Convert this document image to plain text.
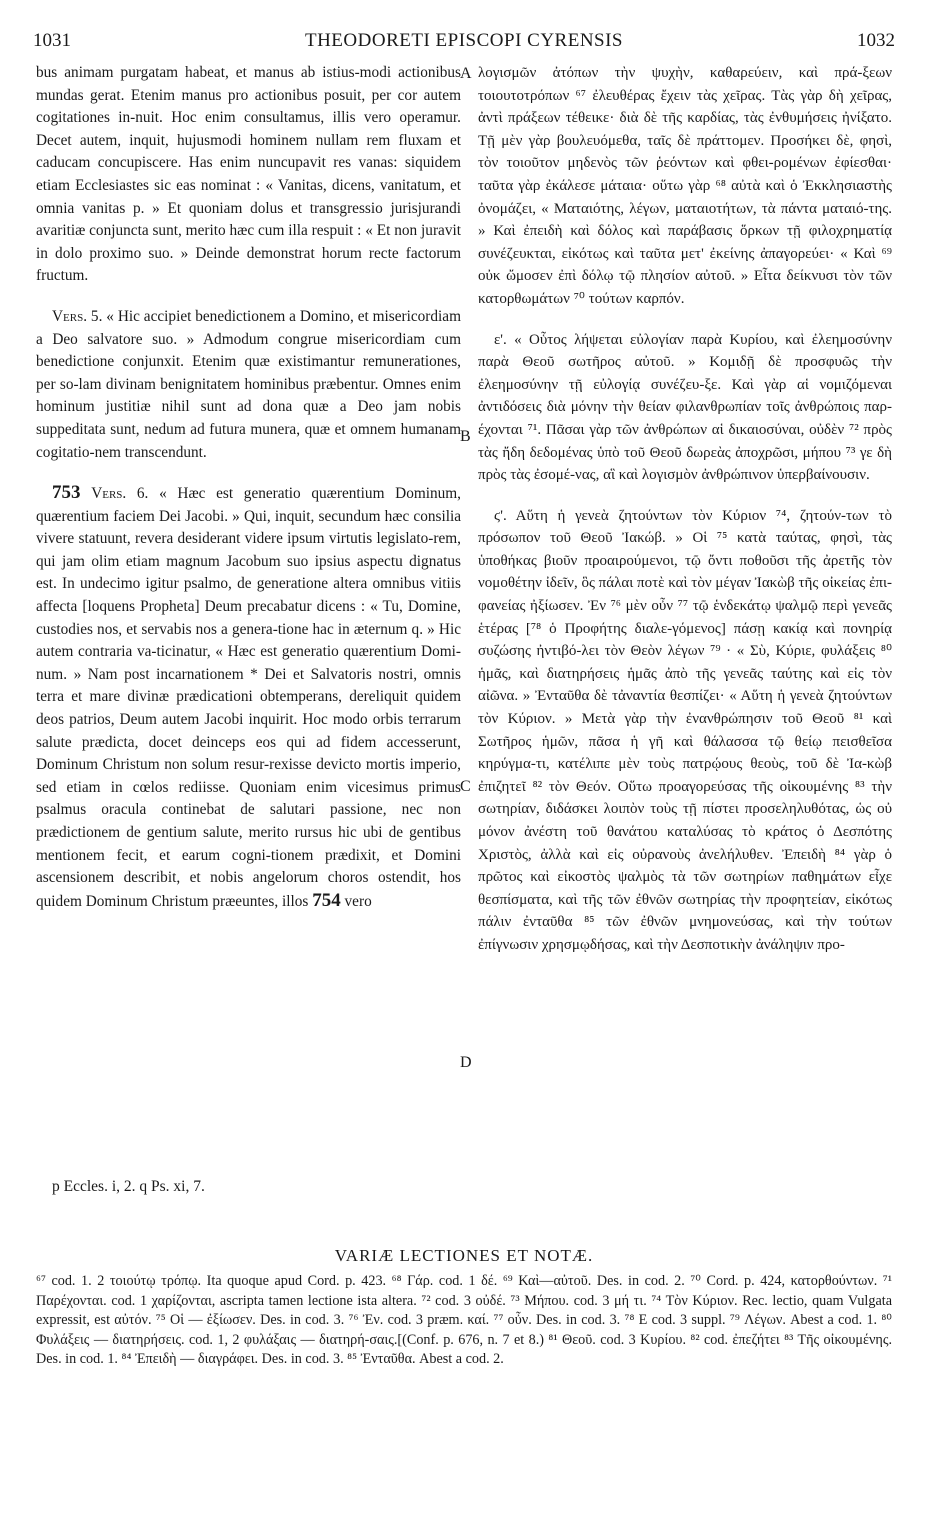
1031	THEODORETI EPISCOPI CYRENSIS	1032

bus animam purgatam habeat, et manus ab istius-modi actionibus mundas gerat. Etenim manus pro actionibus posuit, per cor autem cogitationes in-nuit. Hoc enim consultamus, illis vero operamur. Decet autem, inquit, hujusmodi hominem nullam rem fluxam et caducam concupiscere. Has enim nuncupavit res vanas: siquidem etiam Ecclesiastes sic eas nominat : « Vanitas, dicens, vanitatum, et omnia vanitas p. » Et quoniam dolus et transgressio jurisjurandi avaritiæ conjuncta sunt, merito hæc cum illa respuit : « Et non juravit in dolo proximo suo. » Deinde demonstrat horum recte factorum fructum.

Vers. 5. « Hic accipiet benedictionem a Domino, et misericordiam a Deo salvatore suo. » Admodum congrue misericordiam cum benedictione conjunxit. Etenim quæ existimantur remunerationes, per so-lam divinam benignitatem hominibus præbentur. Omnes enim hominum justitiæ nihil sunt ad dona quæ a Deo jam nobis suppeditata sunt, nedum ad futura munera, quæ et omnem humanam cogitatio-nem transcendunt.

753 Vers. 6. « Hæc est generatio quærentium Dominum, quærentium faciem Dei Jacobi. » Qui, inquit, secundum hæc consilia vivere statuunt, revera desiderant videre ipsum virtutis legislato-rem, qui jam olim etiam magnum Jacobum suo ipsius aspectu dignatus est. In undecimo igitur psalmo, de generatione altera omnibus vitiis affecta [loquens Propheta] Deum precabatur dicens : « Tu, Domine, custodies nos, et servabis nos a genera-tione hac in æternum q. » Hic autem contraria va-ticinatur, « Hæc est generatio quærentium Domi-num. » Nam post incarnationem * Dei et Salvatoris nostri, omnis terra et mare divinæ prædicationi obtemperans, dereliquit quidem deos patrios, Deum autem Jacobi inquirit. Hoc modo orbis terrarum salute prædicta, docet deinceps eos qui ad fidem accesserunt, Dominum Christum non solum resur-rexisse devicto mortis imperio, sed etiam in cœlos rediisse. Quoniam enim vicesimus primus psalmus oracula continebat de salutari passione, nec non prædictionem de gentium salute, merito rursus hic ubi de gentibus mentionem fecit, et earum cogni-tionem prædixit, et Domini ascensionem describit, et nobis angelorum choros ostendit, hos quidem Dominum Christum præeuntes, illos 754 vero

A
B
C
D

λογισμῶν ἀτόπων τὴν ψυχὴν, καθαρεύειν, καὶ πρά-ξεων τοιουτοτρόπων ⁶⁷ ἐλευθέρας ἔχειν τὰς χεῖρας. Τὰς γὰρ δὴ χεῖρας, ἀντὶ πράξεων τέθεικε· διὰ δὲ τῆς καρδίας, τὰς ἐνθυμήσεις ἠνίξατο. Τῇ μὲν γὰρ βουλευόμεθα, ταῖς δὲ πράττομεν. Προσήκει δὲ, φησὶ, τὸν τοιοῦτον μηδενὸς τῶν ῥεόντων καὶ φθει-ρομένων ἐφίεσθαι· ταῦτα γὰρ ἐκάλεσε μάταια· οὕτω γὰρ ⁶⁸ αὐτὰ καὶ ὁ Ἐκκλησιαστὴς ὀνομάζει, « Ματαιότης, λέγων, ματαιοτήτων, τὰ πάντα ματαιό-της. » Καὶ ἐπειδὴ καὶ δόλος καὶ παράβασις ὅρκων τῇ φιλοχρηματίᾳ συνέζευκται, εἰκότως καὶ ταῦτα μετ' ἐκείνης ἀπαγορεύει· « Καὶ ⁶⁹ οὐκ ὤμοσεν ἐπὶ δόλῳ τῷ πλησίον αὐτοῦ. » Εἶτα δείκνυσι τὸν τῶν κατορθωμάτων ⁷⁰ τούτων καρπόν.

ε'. « Οὗτος λήψεται εὐλογίαν παρὰ Κυρίου, καὶ ἐλεημοσύνην παρὰ Θεοῦ σωτῆρος αὐτοῦ. » Κομιδῇ δὲ προσφυῶς τὴν ἐλεημοσύνην τῇ εὐλογίᾳ συνέζευ-ξε. Καὶ γὰρ αἱ νομιζόμεναι ἀντιδόσεις διὰ μόνην τὴν θείαν φιλανθρωπίαν τοῖς ἀνθρώποις παρ-έχονται ⁷¹. Πᾶσαι γὰρ τῶν ἀνθρώπων αἱ δικαιοσύναι, οὐδὲν ⁷² πρὸς τὰς ἤδη δεδομένας ὑπὸ τοῦ Θεοῦ δωρεὰς ἀποχρῶσι, μήπου ⁷³ γε δὴ πρὸς τὰς ἐσομέ-νας, αἳ καὶ λογισμὸν ἀνθρώπινον ὑπερβαίνουσιν.

ϛ'. Αὕτη ἡ γενεὰ ζητούντων τὸν Κύριον ⁷⁴, ζητούν-των τὸ πρόσωπον τοῦ Θεοῦ Ἰακώβ. » Οἱ ⁷⁵ κατὰ ταύτας, φησὶ, τὰς ὑποθήκας βιοῦν προαιρούμενοι, τῷ ὄντι ποθοῦσι τῆς ἀρετῆς τὸν νομοθέτην ἰδεῖν, ὃς πάλαι ποτὲ καὶ τὸν μέγαν Ἰακὼβ τῆς οἰκείας ἐπι-φανείας ἠξίωσεν. Ἐν ⁷⁶ μὲν οὖν ⁷⁷ τῷ ἑνδεκάτῳ ψαλμῷ περὶ γενεᾶς ἑτέρας [⁷⁸ ὁ Προφήτης διαλε-γόμενος] πάσῃ κακίᾳ καὶ πονηρίᾳ συζώσης ἠντιβό-λει τὸν Θεὸν λέγων ⁷⁹ · « Σὺ, Κύριε, φυλάξεις ⁸⁰ ἡμᾶς, καὶ διατηρήσεις ἡμᾶς ἀπὸ τῆς γενεᾶς ταύτης καὶ εἰς τὸν αἰῶνα. » Ἐνταῦθα δὲ τἀναντία θεσπίζει· « Αὕτη ἡ γενεὰ ζητούντων τὸν Κύριον. » Μετὰ γὰρ τὴν ἐνανθρώπησιν τοῦ Θεοῦ ⁸¹ καὶ Σωτῆρος ἡμῶν, πᾶσα ἡ γῆ καὶ θάλασσα τῷ θείῳ πεισθεῖσα κηρύγμα-τι, κατέλιπε μὲν τοὺς πατρῴους θεοὺς, τοῦ δὲ Ἰα-κὼβ ἐπιζητεῖ ⁸² τὸν Θεόν. Οὕτω προαγορεύσας τῆς οἰκουμένης ⁸³ τὴν σωτηρίαν, διδάσκει λοιπὸν τοὺς τῇ πίστει προσεληλυθότας, ὡς οὐ μόνον ἀνέστη τοῦ θανάτου καταλύσας τὸ κράτος ὁ Δεσπότης Χριστὸς, ἀλλὰ καὶ εἰς οὐρανοὺς ἀνελήλυθεν. Ἐπειδὴ ⁸⁴ γὰρ ὁ πρῶτος καὶ εἰκοστὸς ψαλμὸς τὰ τῶν σωτηρίων παθημάτων εἶχε θεσπίσματα, καὶ τῆς τῶν ἐθνῶν σωτηρίας τὴν προφητείαν, εἰκότως πάλιν ἐνταῦθα ⁸⁵ τῶν ἐθνῶν μνημονεύσας, καὶ τὴν τούτων ἐπίγνωσιν χρησμῳδήσας, καὶ τὴν Δεσποτικὴν ἀνάληψιν προ-

p Eccles. i, 2. q Ps. xi, 7.
VARIÆ LECTIONES ET NOTÆ.
⁶⁷ cod. 1. 2 τοιούτῳ τρόπῳ. Ita quoque apud Cord. p. 423. ⁶⁸ Γάρ. cod. 1 δέ. ⁶⁹ Καὶ—αὐτοῦ. Des. in cod. 2. ⁷⁰ Cord. p. 424, κατορθούντων. ⁷¹ Παρέχονται. cod. 1 χαρίζονται, ascripta tamen lectione ista altera. ⁷² cod. 3 οὐδέ. ⁷³ Μήπου. cod. 3 μή τι. ⁷⁴ Τὸν Κύριον. Rec. lectio, quam Vulgata expressit, est αὐτόν. ⁷⁵ Οἱ — ἐξίωσεν. Des. in cod. 3. ⁷⁶ Ἐν. cod. 3 præm. καί. ⁷⁷ οὖν. Des. in cod. 3. ⁷⁸ E cod. 3 suppl. ⁷⁹ Λέγων. Abest a cod. 1. ⁸⁰ Φυλάξεις — διατηρήσεις. cod. 1, 2 φυλάξαις — διατηρή-σαις.[(Conf. p. 676, n. 7 et 8.) ⁸¹ Θεοῦ. cod. 3 Κυρίου. ⁸² cod. ἐπεζήτει ⁸³ Τῆς οἰκουμένης. Des. in cod. 1. ⁸⁴ Ἐπειδὴ — διαγράφει. Des. in cod. 3. ⁸⁵ Ἐνταῦθα. Abest a cod. 2.
